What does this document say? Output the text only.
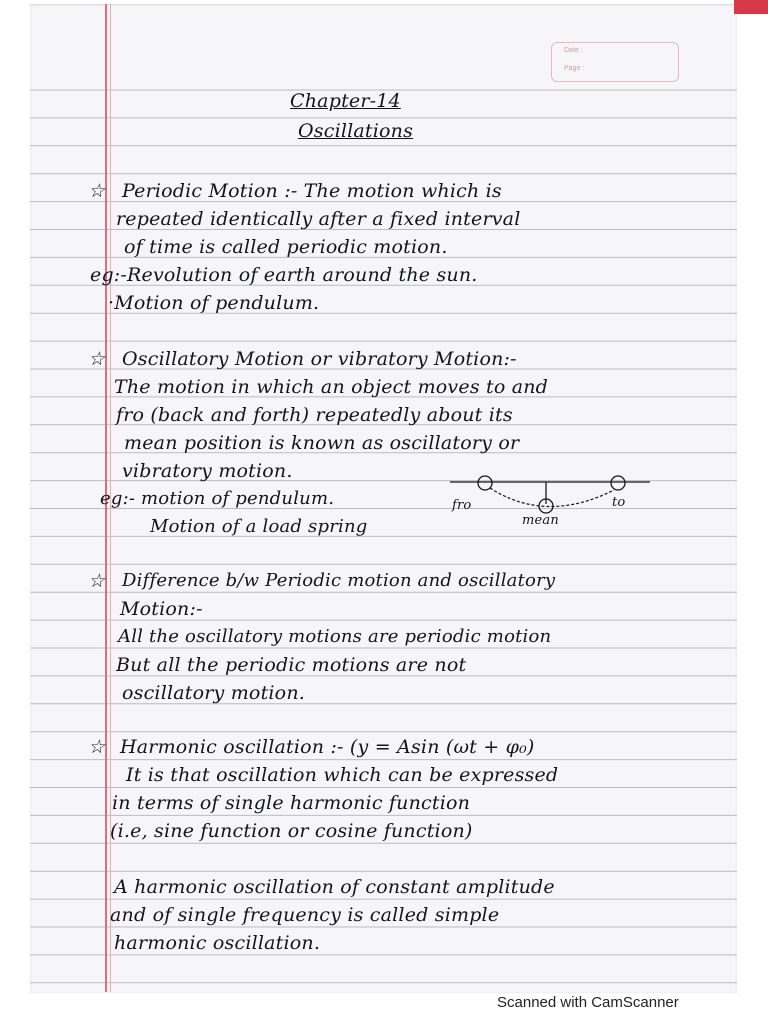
Date :
Page :
Chapter-14
Oscillations
☆ Periodic Motion :- The motion which is
repeated identically after a fixed interval
of time is called periodic motion.
eg:-Revolution of earth around the sun.
·Motion of pendulum.
☆ Oscillatory Motion or vibratory Motion:-
The motion in which an object moves to and
fro (back and forth) repeatedly about its
mean position is known as oscillatory or
vibratory motion.
eg:- motion of pendulum.
Motion of a load spring
fro	to
mean
☆ Difference b/w Periodic motion and oscillatory
Motion:-
All the oscillatory motions are periodic motion
But all the periodic motions are not
oscillatory motion.
☆ Harmonic oscillation :- (y = Asin (ωt + φ₀)
It is that oscillation which can be expressed
in terms of single harmonic function
(i.e, sine function or cosine function)
A harmonic oscillation of constant amplitude
and of single frequency is called simple
harmonic oscillation.
Scanned with CamScanner
